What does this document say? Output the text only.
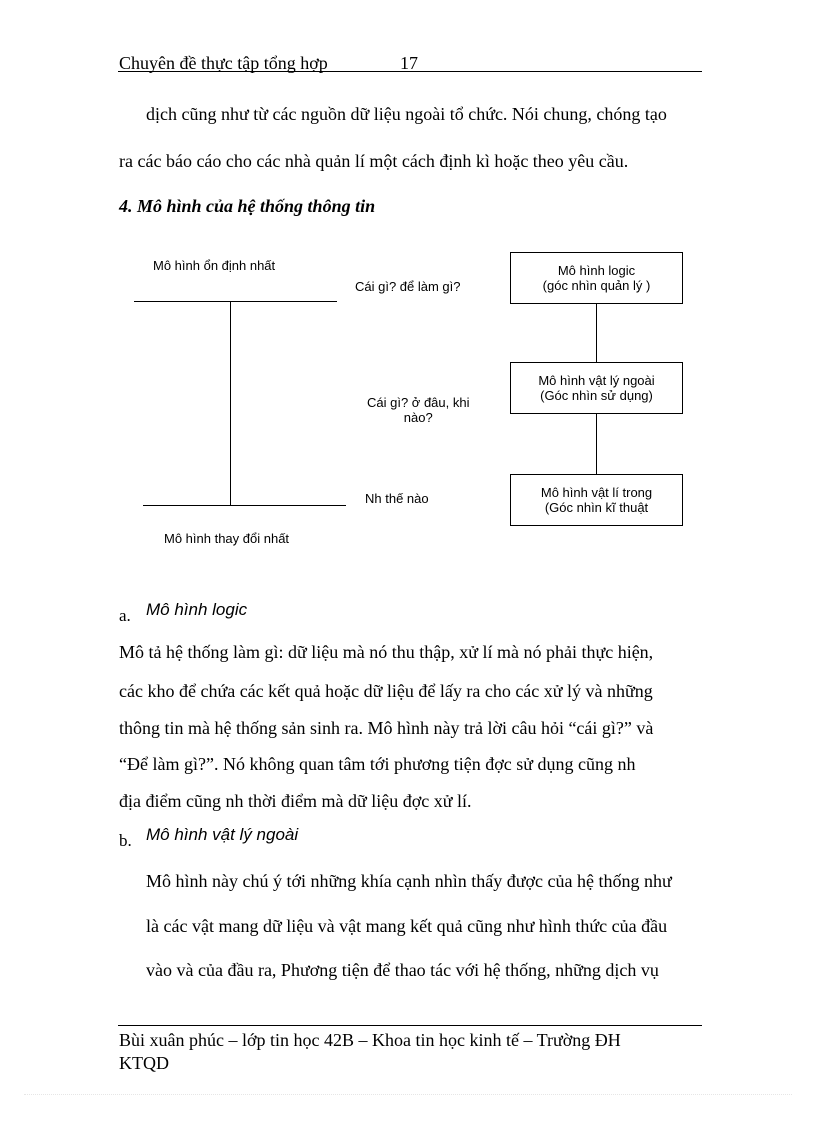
Chuyên đề thực tập tổng hợp	17
dịch cũng như từ các nguồn dữ liệu ngoài tổ chức. Nói chung, chóng tạo
ra các báo cáo cho các nhà quản lí một cách định kì hoặc theo yêu cầu.
4. Mô hình của hệ thống thông tin
Mô hình ổn định nhất
Mô hình thay đổi nhất
Cái gì? để làm gì?
Cái gì? ở đâu, khi
nào?
Nh thế nào
Mô hình logic
(góc nhìn quản lý )
Mô hình vật lý ngoài
(Góc nhìn sử dụng)
Mô hình vật lí trong
(Góc nhìn kĩ thuật
a. Mô hình logic
Mô tả hệ thống làm gì: dữ liệu mà nó thu thập, xử lí mà nó phải thực hiện,
các kho để chứa các kết quả hoặc dữ liệu để lấy ra cho các xử lý và những
thông tin mà hệ thống sản sinh ra. Mô hình này trả lời câu hỏi “cái gì?” và
“Để làm gì?”. Nó không quan tâm tới phương tiện đợc sử dụng cũng nh
địa điểm cũng nh thời điểm mà dữ liệu đợc xử lí.
b. Mô hình vật lý ngoài
Mô hình này chú ý tới những khía cạnh nhìn thấy được của hệ thống như
là các vật mang dữ liệu và vật mang kết quả cũng như hình thức của đầu
vào và của đầu ra, Phương tiện để thao tác với hệ thống, những dịch vụ
Bùi xuân phúc – lớp tin học 42B – Khoa tin học kinh tế – Trường ĐH
KTQD
